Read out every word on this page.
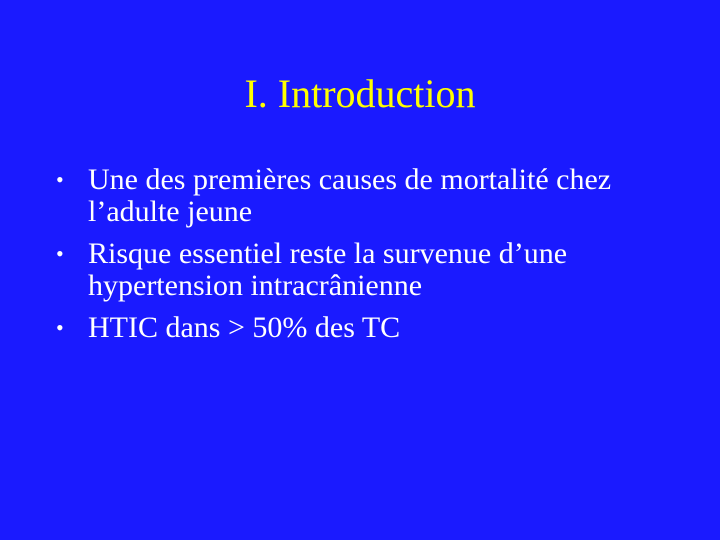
I. Introduction
• Une des premières causes de mortalité chez l’adulte jeune
• Risque essentiel reste la survenue d’une hypertension intracrânienne
• HTIC dans > 50% des TC
